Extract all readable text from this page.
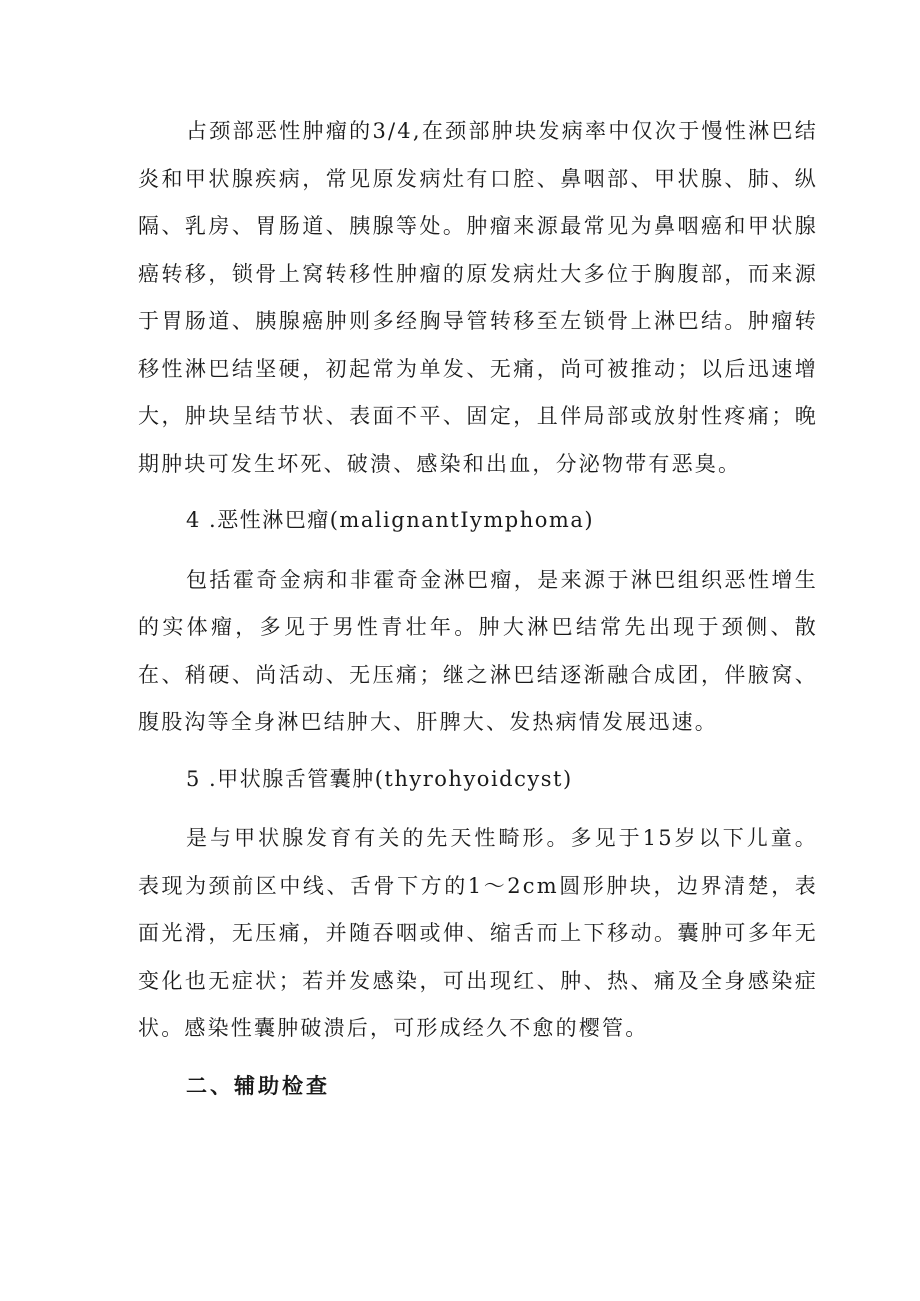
占颈部恶性肿瘤的3/4,在颈部肿块发病率中仅次于慢性淋巴结炎和甲状腺疾病，常见原发病灶有口腔、鼻咽部、甲状腺、肺、纵隔、乳房、胃肠道、胰腺等处。肿瘤来源最常见为鼻咽癌和甲状腺癌转移，锁骨上窝转移性肿瘤的原发病灶大多位于胸腹部，而来源于胃肠道、胰腺癌肿则多经胸导管转移至左锁骨上淋巴结。肿瘤转移性淋巴结坚硬，初起常为单发、无痛，尚可被推动；以后迅速增大，肿块呈结节状、表面不平、固定，且伴局部或放射性疼痛；晚期肿块可发生坏死、破溃、感染和出血，分泌物带有恶臭。

4 .恶性淋巴瘤(malignantIymphoma)

包括霍奇金病和非霍奇金淋巴瘤，是来源于淋巴组织恶性增生的实体瘤，多见于男性青壮年。肿大淋巴结常先出现于颈侧、散在、稍硬、尚活动、无压痛；继之淋巴结逐渐融合成团，伴腋窝、腹股沟等全身淋巴结肿大、肝脾大、发热病情发展迅速。

5 .甲状腺舌管囊肿(thyrohyoidcyst)

是与甲状腺发育有关的先天性畸形。多见于15岁以下儿童。表现为颈前区中线、舌骨下方的1～2cm圆形肿块，边界清楚，表面光滑，无压痛，并随吞咽或伸、缩舌而上下移动。囊肿可多年无变化也无症状；若并发感染，可出现红、肿、热、痛及全身感染症状。感染性囊肿破溃后，可形成经久不愈的樱管。

二、辅助检查
